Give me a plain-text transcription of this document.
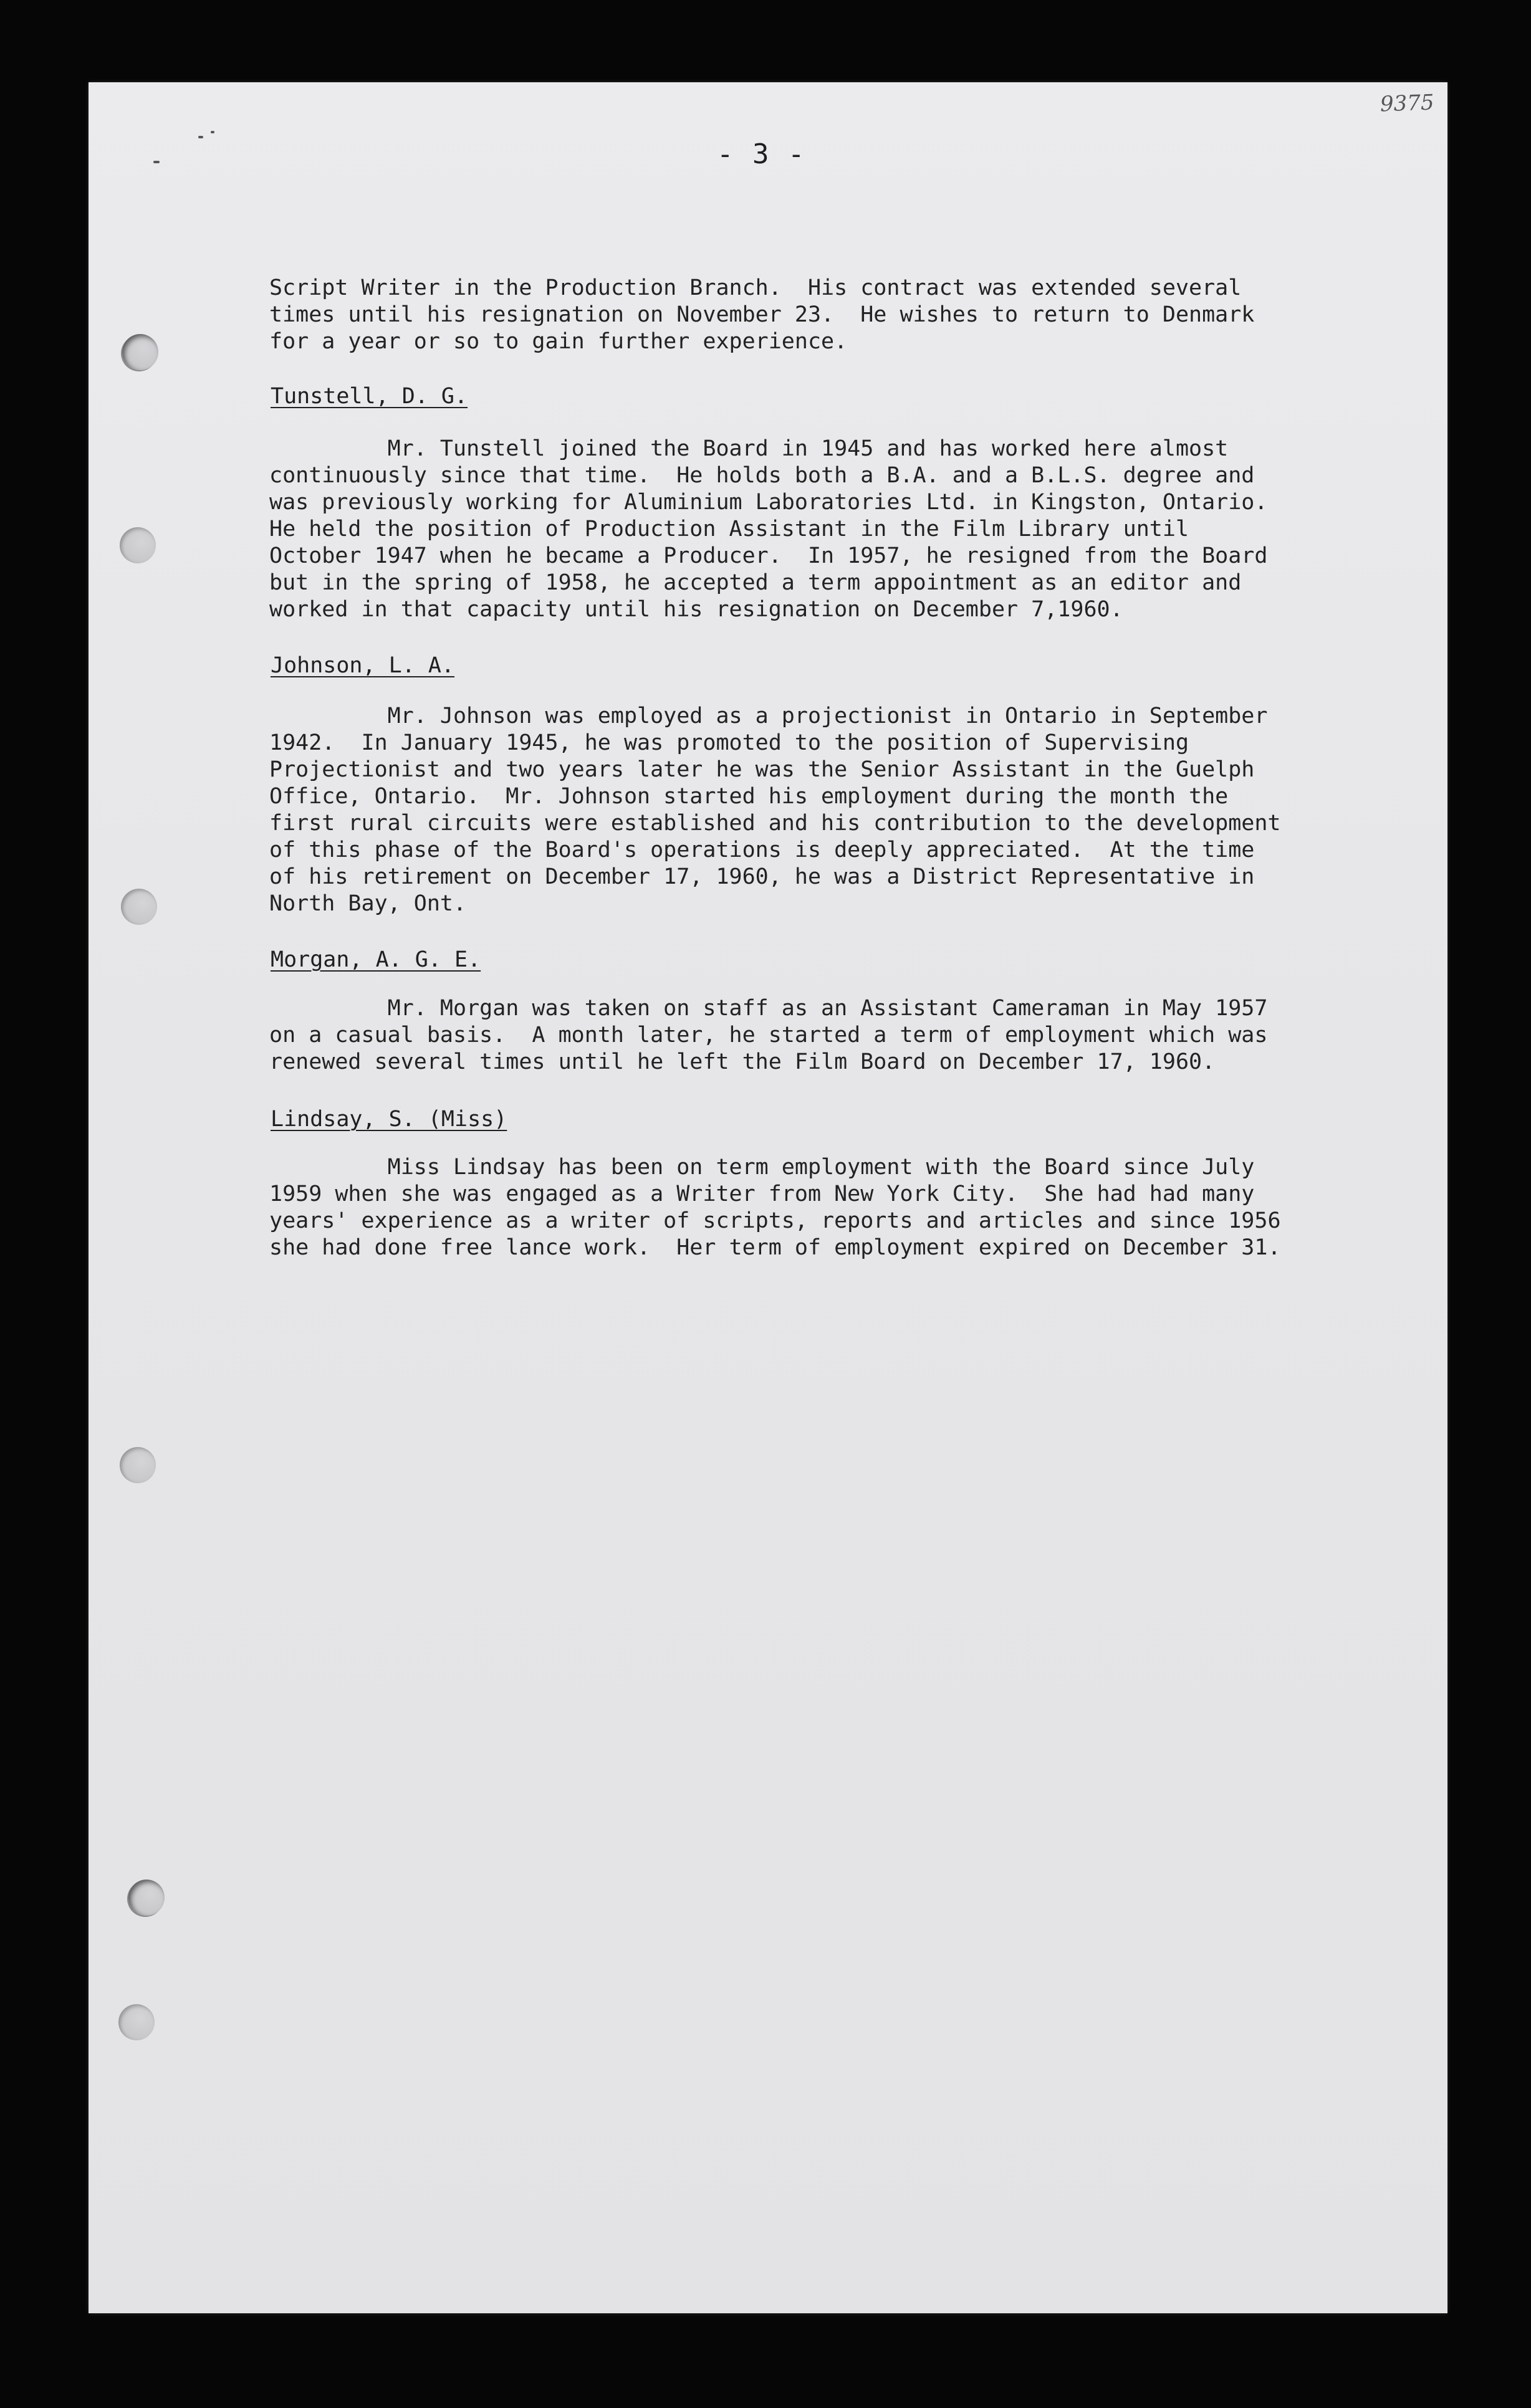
9375
- 3 -
Script Writer in the Production Branch.  His contract was extended several
times until his resignation on November 23.  He wishes to return to Denmark
for a year or so to gain further experience.
Tunstell, D. G.
Mr. Tunstell joined the Board in 1945 and has worked here almost
continuously since that time.  He holds both a B.A. and a B.L.S. degree and
was previously working for Aluminium Laboratories Ltd. in Kingston, Ontario.
He held the position of Production Assistant in the Film Library until
October 1947 when he became a Producer.  In 1957, he resigned from the Board
but in the spring of 1958, he accepted a term appointment as an editor and
worked in that capacity until his resignation on December 7,1960.
Johnson, L. A.
Mr. Johnson was employed as a projectionist in Ontario in September
1942.  In January 1945, he was promoted to the position of Supervising
Projectionist and two years later he was the Senior Assistant in the Guelph
Office, Ontario.  Mr. Johnson started his employment during the month the
first rural circuits were established and his contribution to the development
of this phase of the Board's operations is deeply appreciated.  At the time
of his retirement on December 17, 1960, he was a District Representative in
North Bay, Ont.
Morgan, A. G. E.
Mr. Morgan was taken on staff as an Assistant Cameraman in May 1957
on a casual basis.  A month later, he started a term of employment which was
renewed several times until he left the Film Board on December 17, 1960.
Lindsay, S. (Miss)
Miss Lindsay has been on term employment with the Board since July
1959 when she was engaged as a Writer from New York City.  She had had many
years' experience as a writer of scripts, reports and articles and since 1956
she had done free lance work.  Her term of employment expired on December 31.
